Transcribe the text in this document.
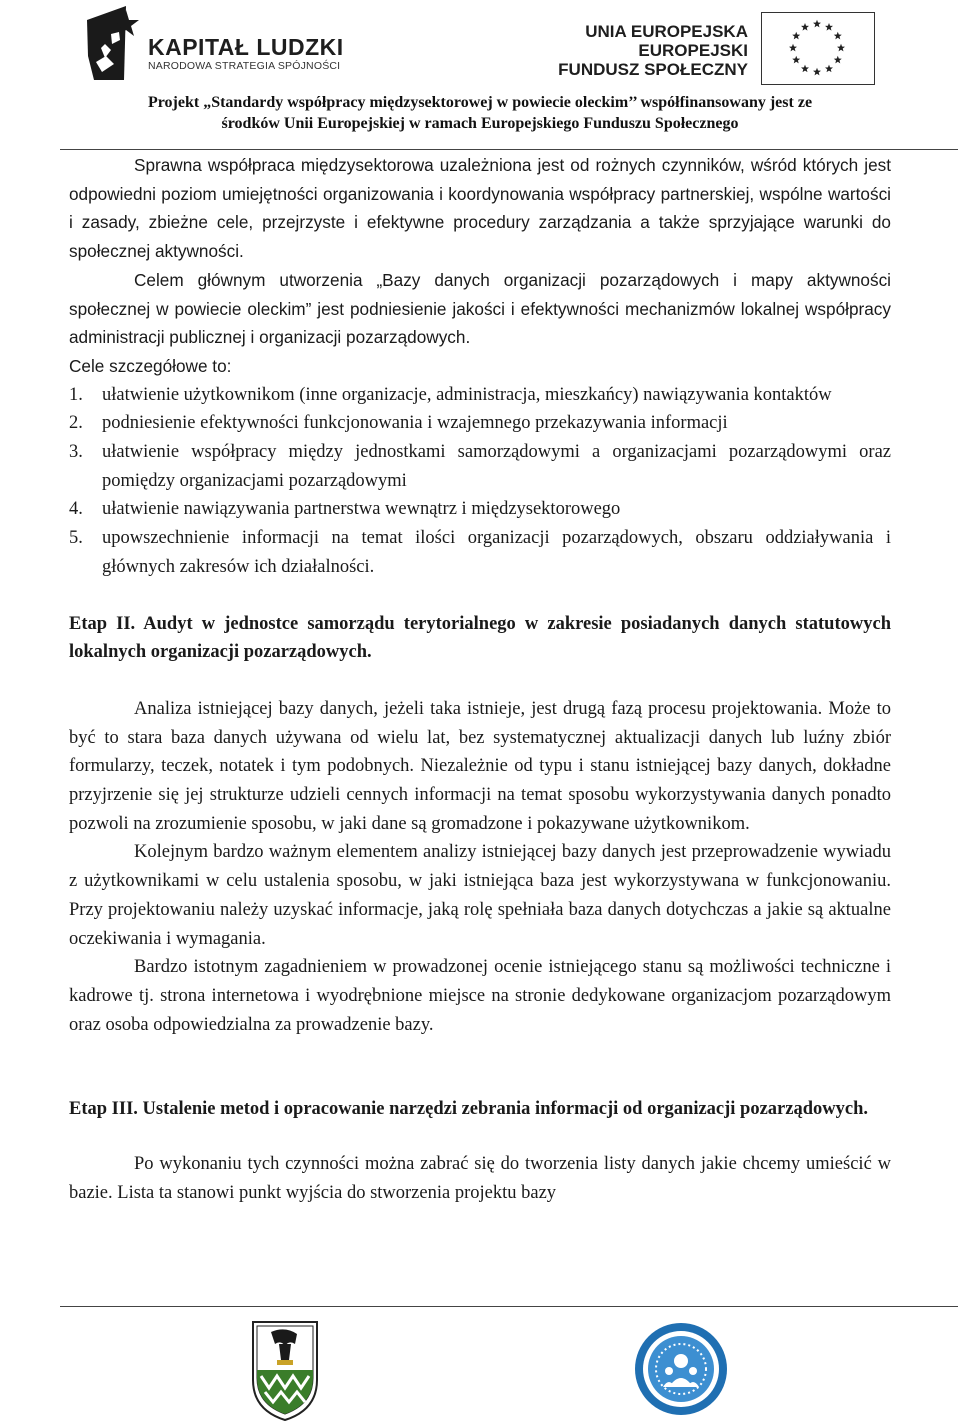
KAPITAŁ LUDZKI
NARODOWA STRATEGIA SPÓJNOŚCI
UNIA EUROPEJSKA
EUROPEJSKI
FUNDUSZ SPOŁECZNY
Projekt „Standardy współpracy międzysektorowej w powiecie oleckim’’ współfinansowany jest ze
środków Unii Europejskiej w ramach Europejskiego Funduszu Społecznego

Sprawna współpraca międzysektorowa uzależniona jest od rożnych czynników, wśród których jest odpowiedni poziom umiejętności organizowania i koordynowania współpracy partnerskiej, wspólne wartości i zasady, zbieżne cele, przejrzyste i efektywne procedury zarządzania a także sprzyjające warunki do społecznej aktywności.

Celem głównym utworzenia „Bazy danych organizacji pozarządowych i mapy aktywności społecznej w powiecie oleckim” jest podniesienie jakości i efektywności mechanizmów lokalnej współpracy administracji publicznej i organizacji pozarządowych.

Cele szczegółowe to:

1.	ułatwienie użytkownikom (inne organizacje, administracja, mieszkańcy) nawiązywania kontaktów
2.	podniesienie efektywności funkcjonowania i wzajemnego przekazywania informacji
3.	ułatwienie współpracy między jednostkami samorządowymi a organizacjami pozarządowymi oraz pomiędzy organizacjami pozarządowymi
4.	ułatwienie nawiązywania partnerstwa wewnątrz i międzysektorowego
5.	upowszechnienie informacji na temat ilości organizacji pozarządowych, obszaru oddziaływania i głównych zakresów ich działalności.

Etap II. Audyt w jednostce samorządu terytorialnego w zakresie posiadanych danych statutowych lokalnych organizacji pozarządowych.

Analiza istniejącej bazy danych, jeżeli taka istnieje, jest drugą fazą procesu projektowania. Może to być to stara baza danych używana od wielu lat, bez systematycznej aktualizacji danych lub luźny zbiór formularzy, teczek, notatek i tym podobnych. Niezależnie od typu i stanu istniejącej bazy danych, dokładne przyjrzenie się jej strukturze udzieli cennych informacji na temat sposobu wykorzystywania danych ponadto pozwoli na zrozumienie sposobu, w jaki dane są gromadzone i pokazywane użytkownikom.

Kolejnym bardzo ważnym elementem analizy istniejącej bazy danych jest przeprowadzenie wywiadu z użytkownikami w celu ustalenia sposobu, w jaki istniejąca baza jest wykorzystywana w funkcjonowaniu. Przy projektowaniu należy uzyskać informacje, jaką rolę spełniała baza danych dotychczas a jakie są aktualne oczekiwania i wymagania.

Bardzo istotnym zagadnieniem w prowadzonej ocenie istniejącego stanu są możliwości techniczne i kadrowe tj. strona internetowa i wyodrębnione miejsce na stronie dedykowane organizacjom pozarządowym oraz osoba odpowiedzialna za prowadzenie bazy.

Etap III. Ustalenie metod i opracowanie narzędzi zebrania informacji od organizacji pozarządowych.

Po wykonaniu tych czynności można zabrać się do tworzenia listy danych jakie chcemy umieścić w bazie. Lista ta stanowi punkt wyjścia do stworzenia projektu bazy
